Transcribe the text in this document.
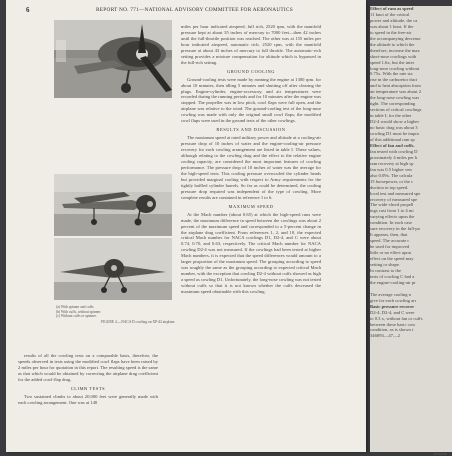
6	REPORT NO. 771—NATIONAL ADVISORY COMMITTEE FOR AERONAUTICS
(a) With spinner and cuffs.
(b) With cuffs, without spinner.
(c) Without cuffs or spinner.
FIGURE 4.—NACA D cowling on XP-42 airplane.

results of all the cowling tests on a comparable basis, therefore, the speeds observed in tests using the modified cowl flaps have been raised by 2 miles per hour for quotation in this report. The resulting speed is the same as that which would be obtained by correcting the airplane drag coefficient for the added cowl-flap drag.

CLIMB TESTS

Two sustained climbs to about 20,000 feet were generally made with each cowling arrangement. One was at 140

miles per hour indicated airspeed, full rich, 2520 rpm, with the manifold pressure kept at about 35 inches of mercury to 7000 feet—then 42 inches until the full-throttle position was reached. The other was at 155 miles per hour indicated airspeed, automatic rich, 2520 rpm, with the manifold pressure at about 43 inches of mercury to full throttle. The automatic-rich setting provides a mixture compensation for altitude which is bypassed in the full-rich setting.

GROUND COOLING

Ground-cooling tests were made by running the engine at 1300 rpm. for about 10 minutes, then idling 5 minutes and shutting off after clearing the plugs. Engine-cylinder, engine-accessory, and air temperatures were recorded during the running periods and for 10 minutes after the engine was stopped. The propeller was in low pitch, cowl flaps were full open, and the airplane was relative to the wind. The ground-cooling test of the long-nose cowling was made with only the original small cowl flaps; the modified cowl flaps were used in the ground tests of the other cowlings.

RESULTS AND DISCUSSION

The maximum speed at rated military power and altitude at a cooling-air pressure drop of 10 inches of water and the engine-cooling-air pressure recovery for each cowling arrangement are listed in table I. These values, although relating to the cowling drag and the effect to the relative engine cooling capacity, are considered the most important features of cowling performance. The pressure drop of 10 inches of water was the average for the high-speed tests. This cooling pressure overcooled the cylinder heads but provided marginal cooling with respect to Army requirements for the tightly baffled cylinder barrels. So far as could be determined, the cooling pressure drop required was independent of the type of cowling. More complete results are contained in reference 1 to 6.

MAXIMUM SPEED

At the Mach number (about 0.65) at which the high-speed runs were made, the maximum difference in speed between the cowlings was about 2 percent of the maximum speed and corresponded to a 5-percent change in the airplane drag coefficient. From references 1, 2, and 10, the expected critical Mach number for NACA cowlings D1, D2-4, and C were about 0.74, 0.70, and 0.63, respectively. The critical Mach number for NACA cowling D2-4 was not measured. If the cowlings had been tested at higher Mach numbers, it is expected that the speed differences would amount to a larger proportion of the maximum speed. The grouping according to speed was roughly the same as the grouping according to expected critical Mach number, with the exception that cowling D2-4 without cuffs showed as high a speed as cowling D1. Unfortunately, the long-nose cowling was not tested without cuffs so that it is not known whether the cuffs decreased the maximum speed obtainable with this cowling.

Effect of ram as speed

11 knot of the critical

power and altitude, the ca

was about 1 knot. If the

to speed in the free-air

the accompanying decrease

the altitude to which the

therefore, increase the max

short-nose cowlings with

speed 1.6x, but the inter

long-nose cowling without

0.75x. With the rate sta

rise in the carburetor duct

and to heat absorption from

air temperature was about 2

the long-nose cowling was

tight. The corresponding

sections of critical cowlings

in table I; for the other

D2-4 would show a higher

no basic drag was about 3

cowling D1 must be impro

of this additional ram sp

Effect of fan and cuffs.

fan tested with cowling D

proximately 4 miles per h

ram recovery at high sp

fan was 0.5 higher ven

also 0.09x. The calcula

15 horsepower, or the c

duction in top speed.

local test and measured spe

recovery of measured spe

The wide-chord propell

ings cast from 1 to 4 mi

varying effects upon the

condition. In each case

sure recovery in the full-po

It appears, then, that

speed. The accurate r

be used for improved

little or no effect upon

effect on the speed may

setting or shape.

In contrast to the

tests of cowling C had a

the engine-cooling-air pr

The average cooling-a

give for each cowling arr

Basic pressure recover

D2-4, D2-4, and C were

to 0.3 x, without fan or cuffs

between these basic cow

condition, as is shown i

346893—47—2

ENGINE
